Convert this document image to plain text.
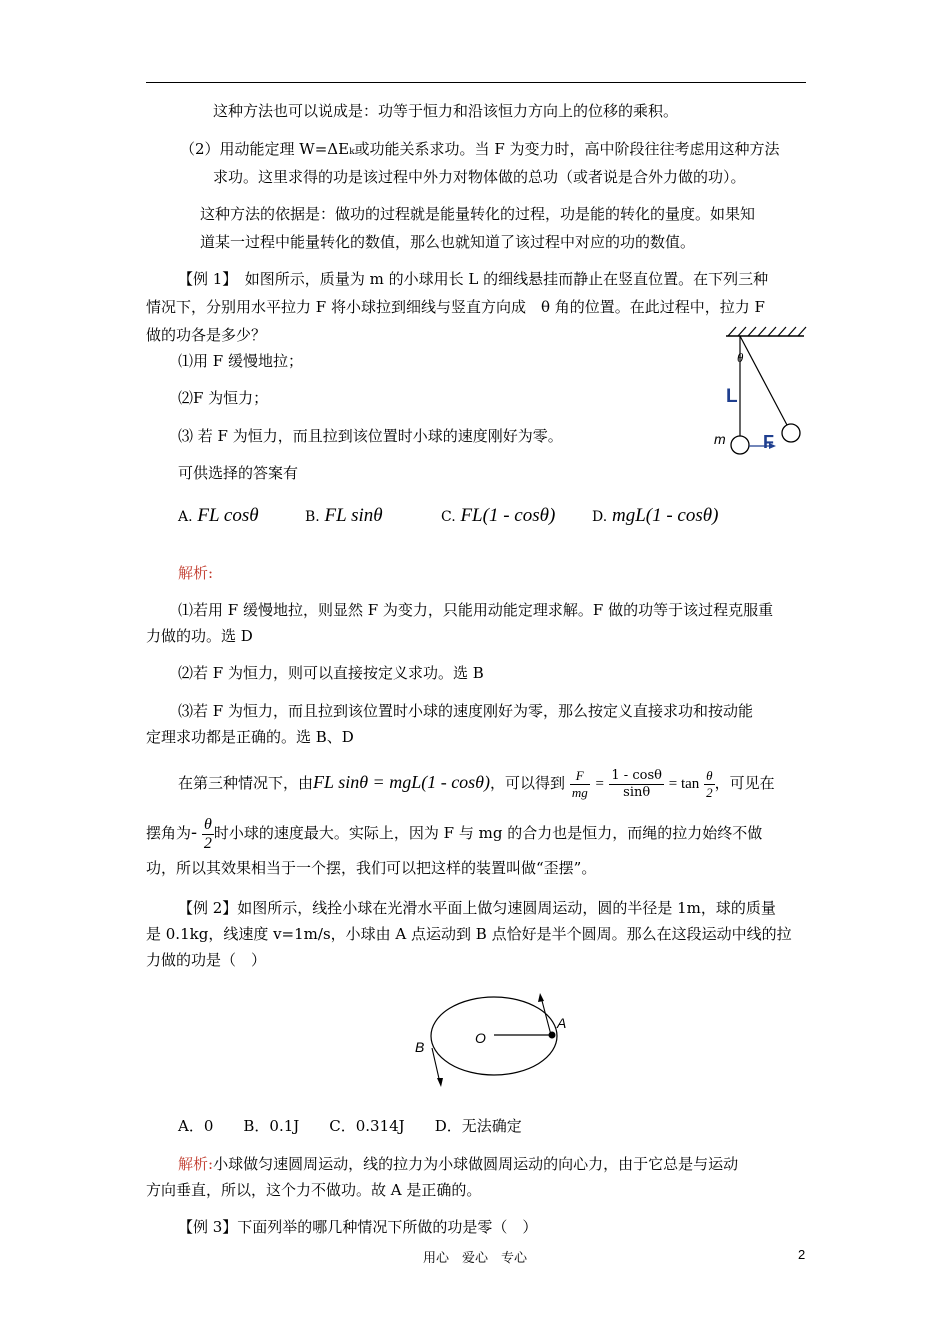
这种方法也可以说成是：功等于恒力和沿该恒力方向上的位移的乘积。
（2）用动能定理 W=ΔEₖ或功能关系求功。当 F 为变力时，高中阶段往往考虑用这种方法
求功。这里求得的功是该过程中外力对物体做的总功（或者说是合外力做的功）。
这种方法的依据是：做功的过程就是能量转化的过程，功是能的转化的量度。如果知
道某一过程中能量转化的数值，那么也就知道了该过程中对应的功的数值。
【例 1】　如图所示，质量为 m 的小球用长 L 的细线悬挂而静止在竖直位置。在下列三种
情况下，分别用水平拉力 F 将小球拉到细线与竖直方向成　θ 角的位置。在此过程中，拉力 F
做的功各是多少？
⑴用 F 缓慢地拉；
⑵F 为恒力；
⑶ 若 F 为恒力，而且拉到该位置时小球的速度刚好为零。
可供选择的答案有
θ
L
F
m
A. FL cosθ	B. FL sinθ	C. FL(1 - cosθ)	D. mgL(1 - cosθ)
解析:
⑴若用 F 缓慢地拉，则显然 F 为变力，只能用动能定理求解。F 做的功等于该过程克服重
力做的功。选 D
⑵若 F 为恒力，则可以直接按定义求功。选 B
⑶若 F 为恒力，而且拉到该位置时小球的速度刚好为零，那么按定义直接求功和按动能
定理求功都是正确的。选 B、D
在第三种情况下，由FL sinθ = mgL(1 - cosθ)，可以得到 $\frac{F}{mg} = \frac{1 - \cos\theta}{\sin\theta} = \tan \frac{\theta}{2}$ ，可见在
摆角为- $\frac{\theta}{2}$ 时小球的速度最大。实际上，因为 F 与 mg 的合力也是恒力，而绳的拉力始终不做
功，所以其效果相当于一个摆，我们可以把这样的装置叫做“歪摆”。
【例 2】如图所示，线拴小球在光滑水平面上做匀速圆周运动，圆的半径是 1m，球的质量
是 0.1kg，线速度 v=1m/s，小球由 A 点运动到 B 点恰好是半个圆周。那么在这段运动中线的拉
力做的功是（　）
O
A
B
A．0　　B．0.1J　　C．0.314J　　D．无法确定
解析:小球做匀速圆周运动，线的拉力为小球做圆周运动的向心力，由于它总是与运动
方向垂直，所以，这个力不做功。故 A 是正确的。
【例 3】下面列举的哪几种情况下所做的功是零（　）
用心　爱心　专心	2
